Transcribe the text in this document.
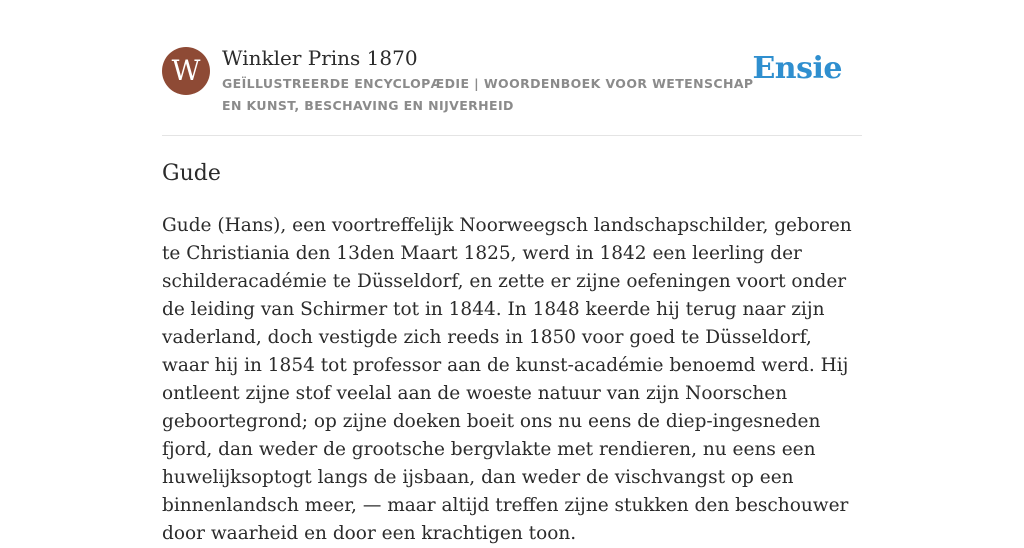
W	Winkler Prins 1870
GEÏLLUSTREERDE ENCYCLOPÆDIE | WOORDENBOEK VOOR WETENSCHAP EN KUNST, BESCHAVING EN NIJVERHEID
Ensie
Gude

Gude (Hans), een voortreffelijk Noorweegsch landschapschilder, geboren te Christiania den 13den Maart 1825, werd in 1842 een leerling der schilderacadémie te Düsseldorf, en zette er zijne oefeningen voort onder de leiding van Schirmer tot in 1844. In 1848 keerde hij terug naar zijn vaderland, doch vestigde zich reeds in 1850 voor goed te Düsseldorf, waar hij in 1854 tot professor aan de kunst-académie benoemd werd. Hij ontleent zijne stof veelal aan de woeste natuur van zijn Noorschen geboortegrond; op zijne doeken boeit ons nu eens de diep-ingesneden fjord, dan weder de grootsche bergvlakte met rendieren, nu eens een huwelijksoptogt langs de ijsbaan, dan weder de vischvangst op een binnenlandsch meer, — maar altijd treffen zijne stukken den beschouwer door waarheid en door een krachtigen toon.
